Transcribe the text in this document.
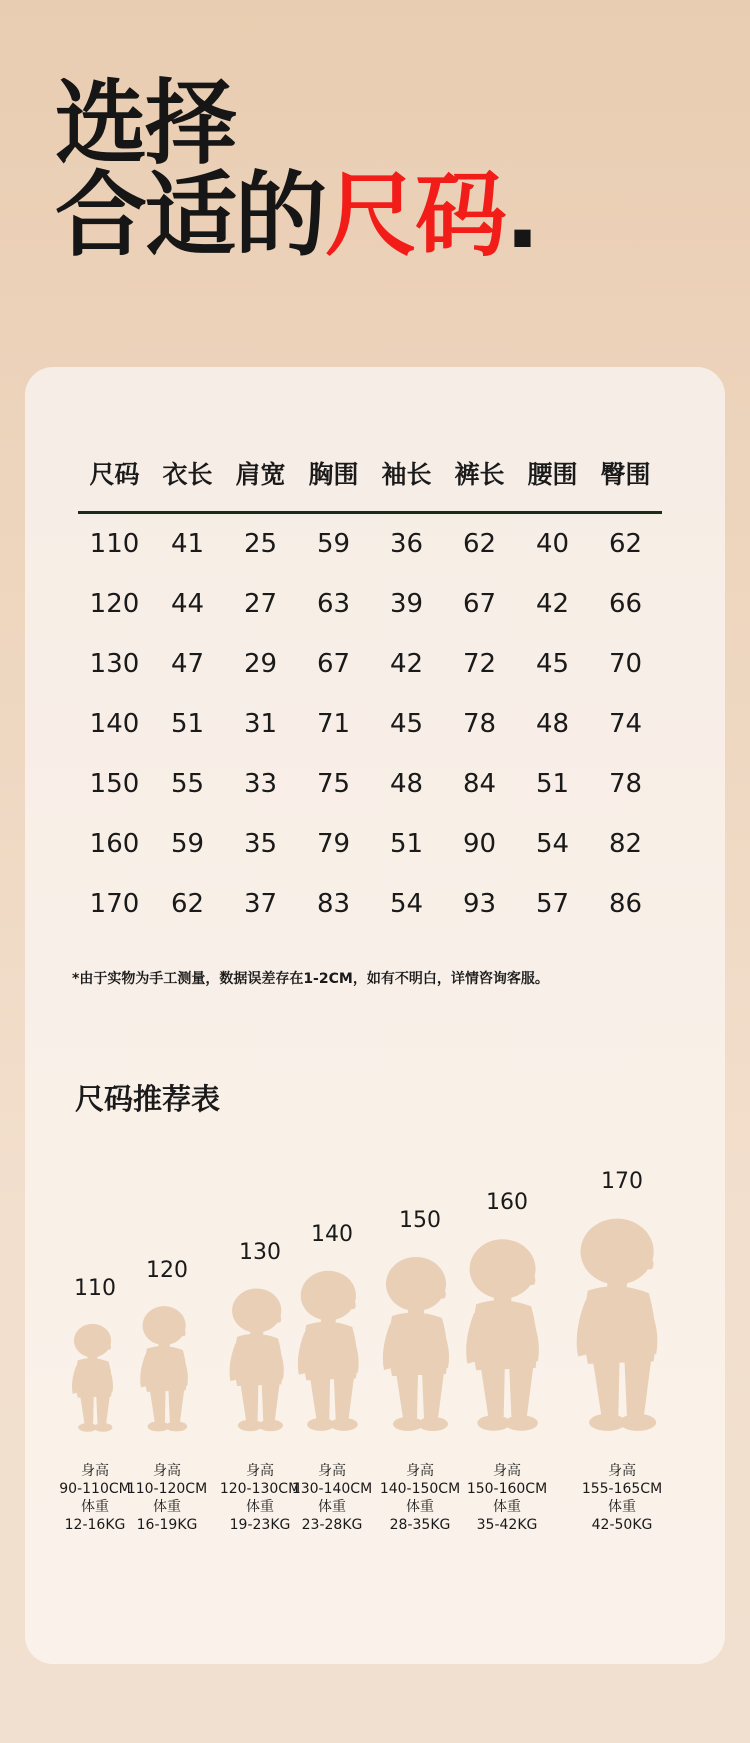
选择
合适的尺码.
尺码	衣长	肩宽	胸围	袖长	裤长	腰围	臀围
110	41	25	59	36	62	40	62
120	44	27	63	39	67	42	66
130	47	29	67	42	72	45	70
140	51	31	71	45	78	48	74
150	55	33	75	48	84	51	78
160	59	35	79	51	90	54	82
170	62	37	83	54	93	57	86
*由于实物为手工测量，数据误差存在1-2CM，如有不明白，详情咨询客服。
尺码推荐表
110
身高
90-110CM
体重
12-16KG
120
身高
110-120CM
体重
16-19KG
130
身高
120-130CM
体重
19-23KG
140
身高
130-140CM
体重
23-28KG
150
身高
140-150CM
体重
28-35KG
160
身高
150-160CM
体重
35-42KG
170
身高
155-165CM
体重
42-50KG
